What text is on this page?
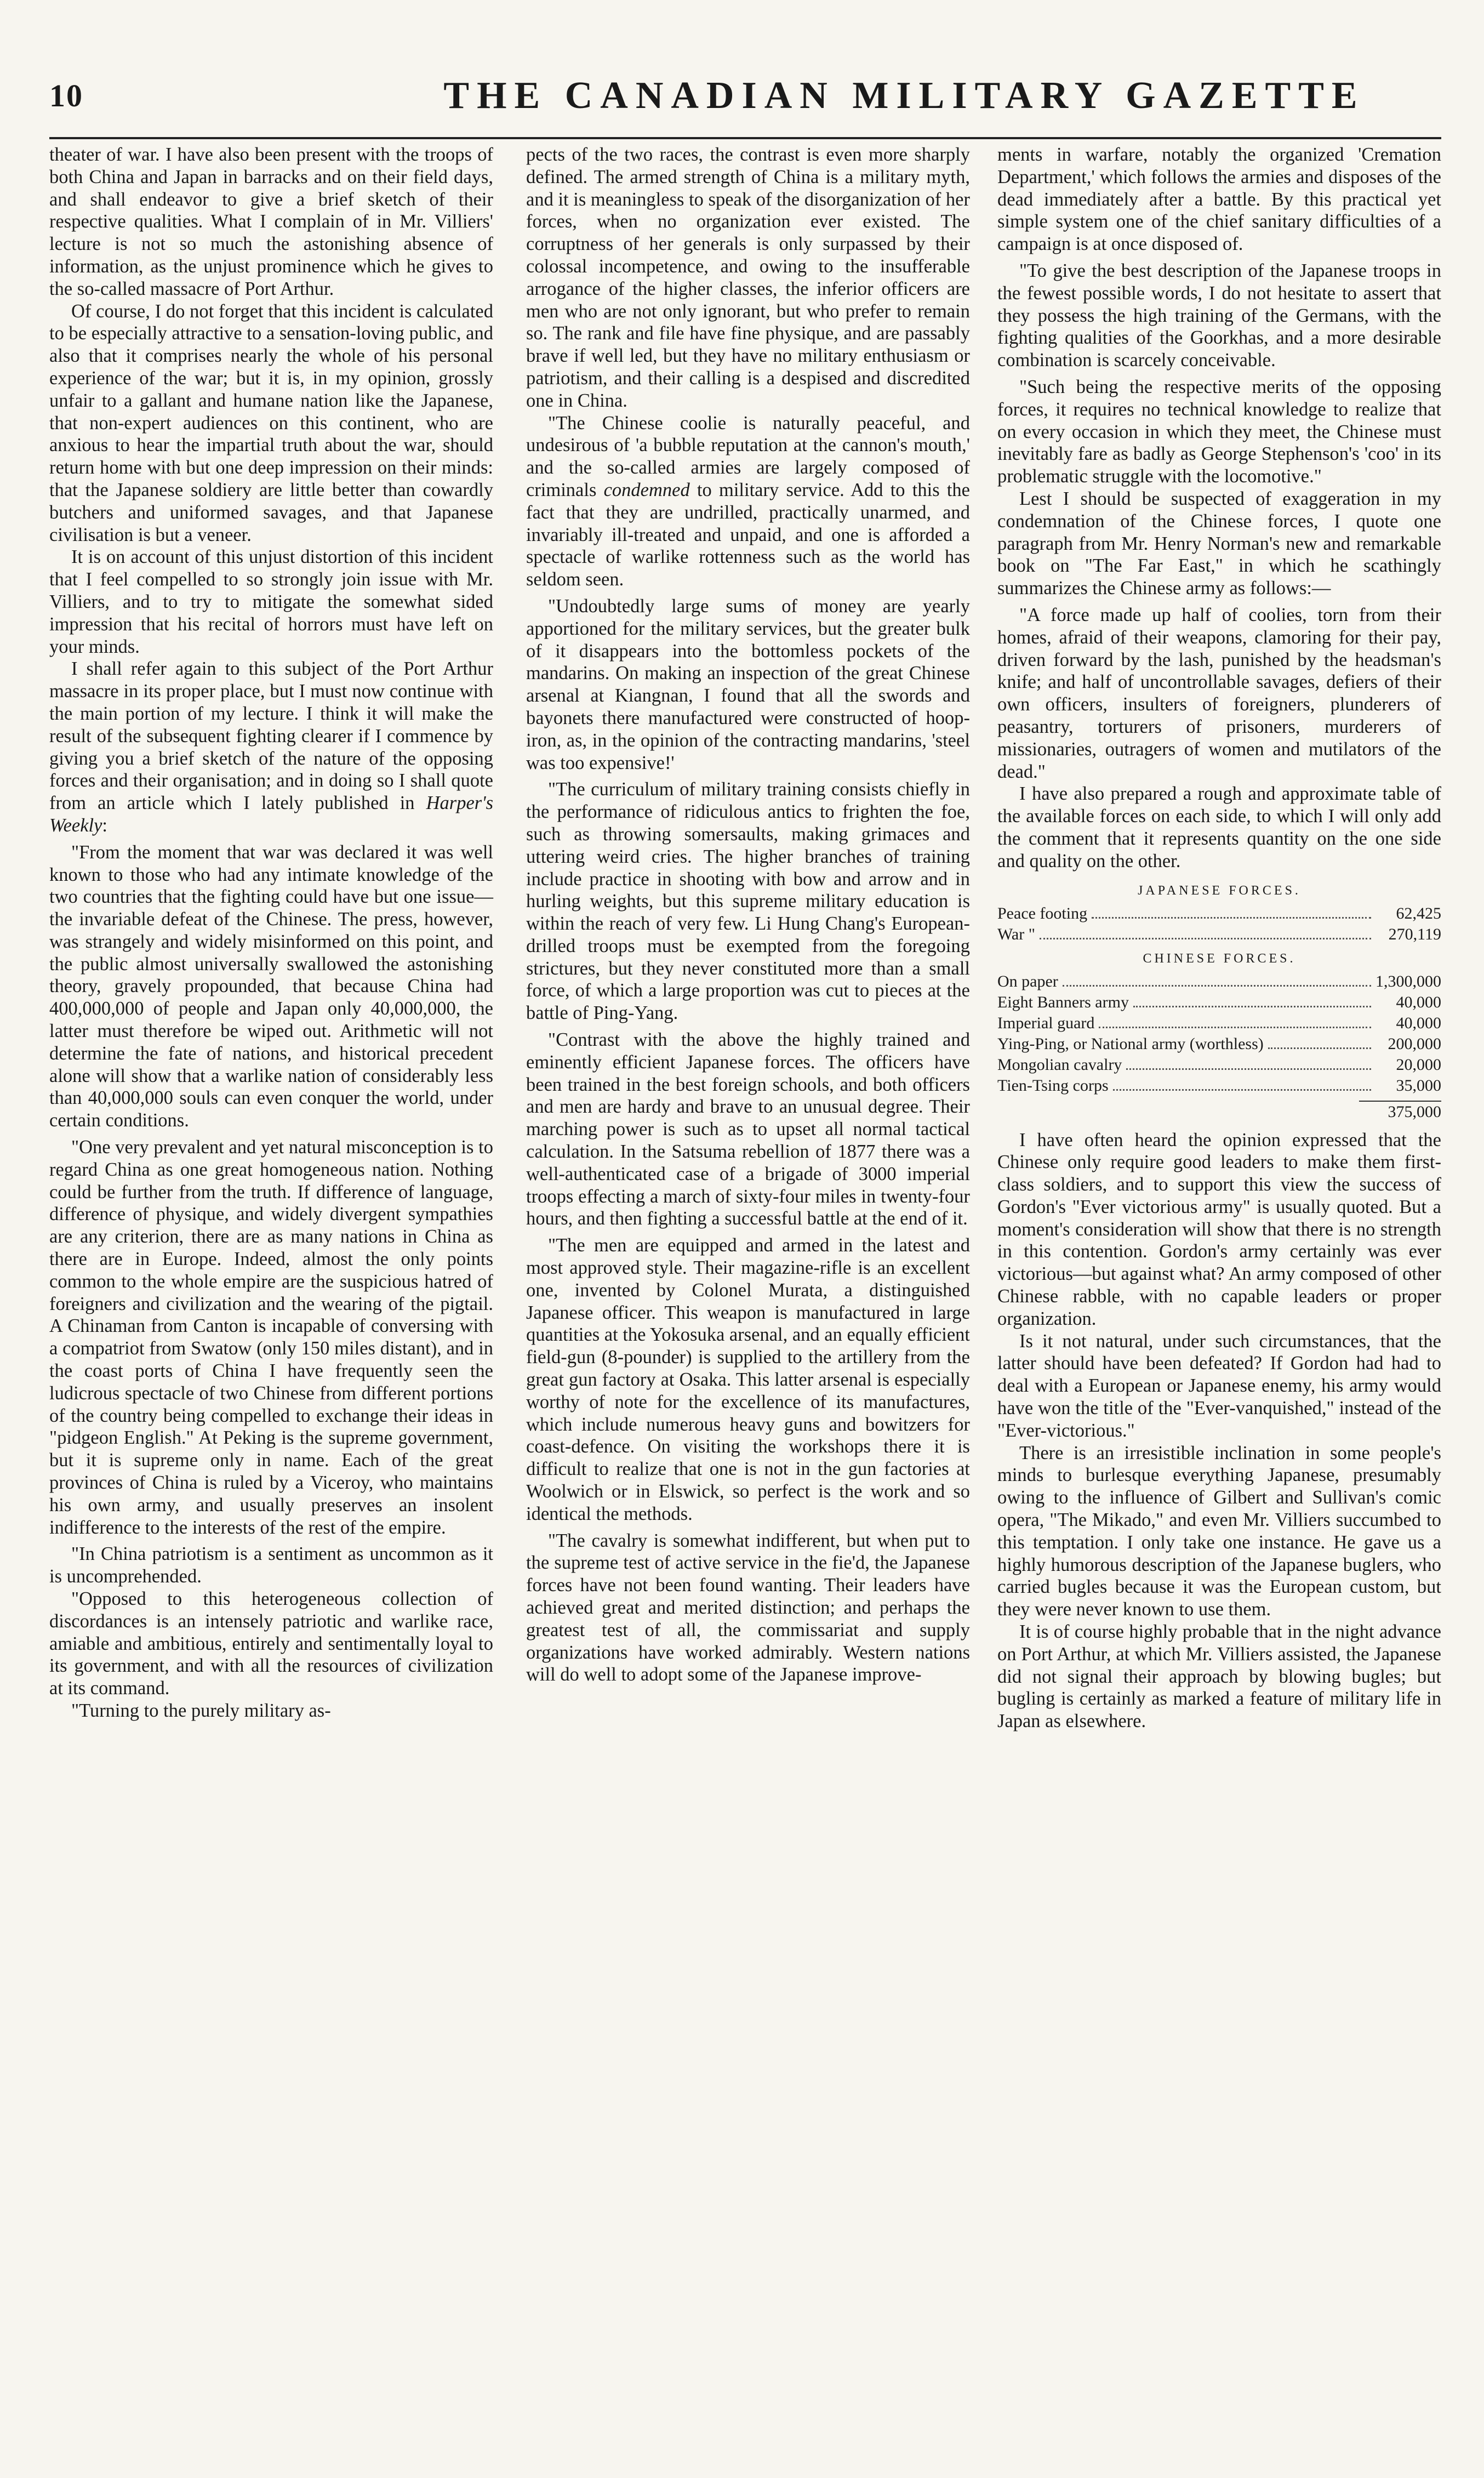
10	THE CANADIAN MILITARY GAZETTE

theater of war. I have also been present with the troops of both China and Japan in barracks and on their field days, and shall endeavor to give a brief sketch of their respective qualities. What I complain of in Mr. Villiers' lecture is not so much the astonishing absence of information, as the unjust prominence which he gives to the so-called massacre of Port Arthur.

Of course, I do not forget that this incident is calculated to be especially attractive to a sensation-loving public, and also that it comprises nearly the whole of his personal experience of the war; but it is, in my opinion, grossly unfair to a gallant and humane nation like the Japanese, that non-expert audiences on this continent, who are anxious to hear the impartial truth about the war, should return home with but one deep impression on their minds: that the Japanese soldiery are little better than cowardly butchers and uniformed savages, and that Japanese civilisation is but a veneer.

It is on account of this unjust distortion of this incident that I feel compelled to so strongly join issue with Mr. Villiers, and to try to mitigate the somewhat sided impression that his recital of horrors must have left on your minds.

I shall refer again to this subject of the Port Arthur massacre in its proper place, but I must now continue with the main portion of my lecture. I think it will make the result of the subsequent fighting clearer if I commence by giving you a brief sketch of the nature of the opposing forces and their organisation; and in doing so I shall quote from an article which I lately published in Harper's Weekly:

"From the moment that war was declared it was well known to those who had any intimate knowledge of the two countries that the fighting could have but one issue—the invariable defeat of the Chinese. The press, however, was strangely and widely misinformed on this point, and the public almost universally swallowed the astonishing theory, gravely propounded, that because China had 400,000,000 of people and Japan only 40,000,000, the latter must therefore be wiped out. Arithmetic will not determine the fate of nations, and historical precedent alone will show that a warlike nation of considerably less than 40,000,000 souls can even conquer the world, under certain conditions.

"One very prevalent and yet natural misconception is to regard China as one great homogeneous nation. Nothing could be further from the truth. If difference of language, difference of physique, and widely divergent sympathies are any criterion, there are as many nations in China as there are in Europe. Indeed, almost the only points common to the whole empire are the suspicious hatred of foreigners and civilization and the wearing of the pigtail. A Chinaman from Canton is incapable of conversing with a compatriot from Swatow (only 150 miles distant), and in the coast ports of China I have frequently seen the ludicrous spectacle of two Chinese from different portions of the country being compelled to exchange their ideas in "pidgeon English." At Peking is the supreme government, but it is supreme only in name. Each of the great provinces of China is ruled by a Viceroy, who maintains his own army, and usually preserves an insolent indifference to the interests of the rest of the empire.

"In China patriotism is a sentiment as uncommon as it is uncomprehended.

"Opposed to this heterogeneous collection of discordances is an intensely patriotic and warlike race, amiable and ambitious, entirely and sentimentally loyal to its government, and with all the resources of civilization at its command.

"Turning to the purely military as-

pects of the two races, the contrast is even more sharply defined. The armed strength of China is a military myth, and it is meaningless to speak of the disorganization of her forces, when no organization ever existed. The corruptness of her generals is only surpassed by their colossal incompetence, and owing to the insufferable arrogance of the higher classes, the inferior officers are men who are not only ignorant, but who prefer to remain so. The rank and file have fine physique, and are passably brave if well led, but they have no military enthusiasm or patriotism, and their calling is a despised and discredited one in China.

"The Chinese coolie is naturally peaceful, and undesirous of 'a bubble reputation at the cannon's mouth,' and the so-called armies are largely composed of criminals condemned to military service. Add to this the fact that they are undrilled, practically unarmed, and invariably ill-treated and unpaid, and one is afforded a spectacle of warlike rottenness such as the world has seldom seen.

"Undoubtedly large sums of money are yearly apportioned for the military services, but the greater bulk of it disappears into the bottomless pockets of the mandarins. On making an inspection of the great Chinese arsenal at Kiangnan, I found that all the swords and bayonets there manufactured were constructed of hoop-iron, as, in the opinion of the contracting mandarins, 'steel was too expensive!'

"The curriculum of military training consists chiefly in the performance of ridiculous antics to frighten the foe, such as throwing somersaults, making grimaces and uttering weird cries. The higher branches of training include practice in shooting with bow and arrow and in hurling weights, but this supreme military education is within the reach of very few. Li Hung Chang's European-drilled troops must be exempted from the foregoing strictures, but they never constituted more than a small force, of which a large proportion was cut to pieces at the battle of Ping-Yang.

"Contrast with the above the highly trained and eminently efficient Japanese forces. The officers have been trained in the best foreign schools, and both officers and men are hardy and brave to an unusual degree. Their marching power is such as to upset all normal tactical calculation. In the Satsuma rebellion of 1877 there was a well-authenticated case of a brigade of 3000 imperial troops effecting a march of sixty-four miles in twenty-four hours, and then fighting a successful battle at the end of it.

"The men are equipped and armed in the latest and most approved style. Their magazine-rifle is an excellent one, invented by Colonel Murata, a distinguished Japanese officer. This weapon is manufactured in large quantities at the Yokosuka arsenal, and an equally efficient field-gun (8-pounder) is supplied to the artillery from the great gun factory at Osaka. This latter arsenal is especially worthy of note for the excellence of its manufactures, which include numerous heavy guns and bowitzers for coast-defence. On visiting the workshops there it is difficult to realize that one is not in the gun factories at Woolwich or in Elswick, so perfect is the work and so identical the methods.

"The cavalry is somewhat indifferent, but when put to the supreme test of active service in the fie'd, the Japanese forces have not been found wanting. Their leaders have achieved great and merited distinction; and perhaps the greatest test of all, the commissariat and supply organizations have worked admirably. Western nations will do well to adopt some of the Japanese improve-

ments in warfare, notably the organized 'Cremation Department,' which follows the armies and disposes of the dead immediately after a battle. By this practical yet simple system one of the chief sanitary difficulties of a campaign is at once disposed of.

"To give the best description of the Japanese troops in the fewest possible words, I do not hesitate to assert that they possess the high training of the Germans, with the fighting qualities of the Goorkhas, and a more desirable combination is scarcely conceivable.

"Such being the respective merits of the opposing forces, it requires no technical knowledge to realize that on every occasion in which they meet, the Chinese must inevitably fare as badly as George Stephenson's 'coo' in its problematic struggle with the locomotive."

Lest I should be suspected of exaggeration in my condemnation of the Chinese forces, I quote one paragraph from Mr. Henry Norman's new and remarkable book on "The Far East," in which he scathingly summarizes the Chinese army as follows:—

"A force made up half of coolies, torn from their homes, afraid of their weapons, clamoring for their pay, driven forward by the lash, punished by the headsman's knife; and half of uncontrollable savages, defiers of their own officers, insulters of foreigners, plunderers of peasantry, torturers of prisoners, murderers of missionaries, outragers of women and mutilators of the dead."

I have also prepared a rough and approximate table of the available forces on each side, to which I will only add the comment that it represents quantity on the one side and quality on the other.

JAPANESE FORCES.
Peace footing	62,425
War "	270,119
CHINESE FORCES.
On paper	1,300,000
Eight Banners army	40,000
Imperial guard	40,000
Ying-Ping, or National army (worthless)	200,000
Mongolian cavalry	20,000
Tien-Tsing corps	35,000
375,000

I have often heard the opinion expressed that the Chinese only require good leaders to make them first-class soldiers, and to support this view the success of Gordon's "Ever victorious army" is usually quoted. But a moment's consideration will show that there is no strength in this contention. Gordon's army certainly was ever victorious—but against what? An army composed of other Chinese rabble, with no capable leaders or proper organization.

Is it not natural, under such circumstances, that the latter should have been defeated? If Gordon had had to deal with a European or Japanese enemy, his army would have won the title of the "Ever-vanquished," instead of the "Ever-victorious."

There is an irresistible inclination in some people's minds to burlesque everything Japanese, presumably owing to the influence of Gilbert and Sullivan's comic opera, "The Mikado," and even Mr. Villiers succumbed to this temptation. I only take one instance. He gave us a highly humorous description of the Japanese buglers, who carried bugles because it was the European custom, but they were never known to use them.

It is of course highly probable that in the night advance on Port Arthur, at which Mr. Villiers assisted, the Japanese did not signal their approach by blowing bugles; but bugling is certainly as marked a feature of military life in Japan as elsewhere.
